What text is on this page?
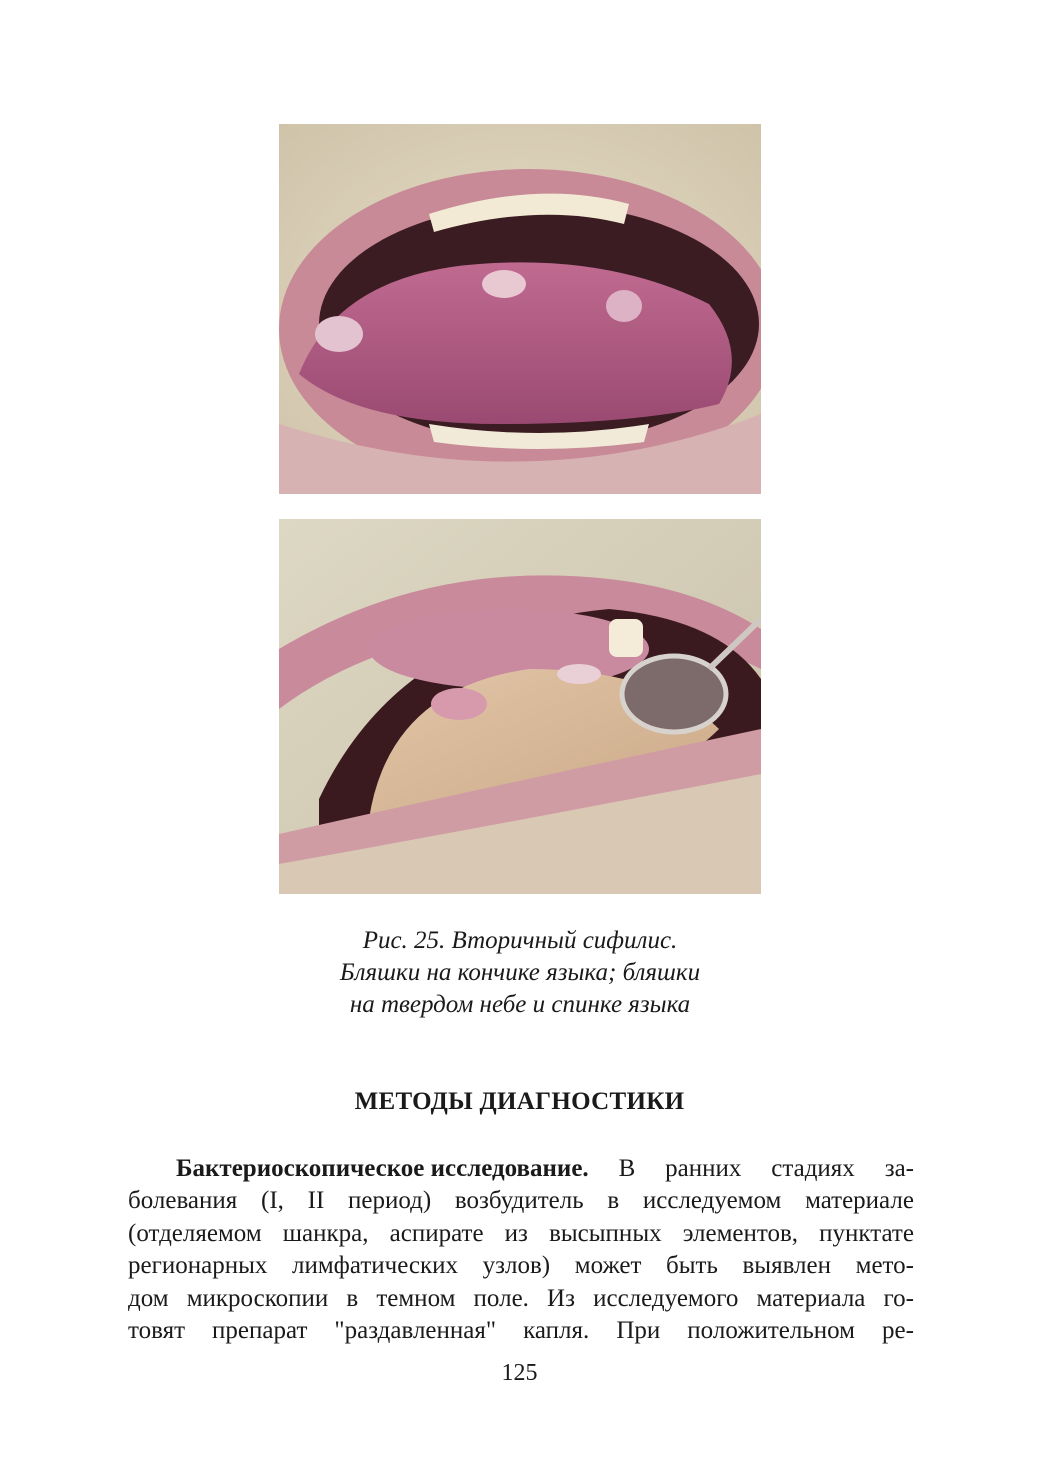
Рис. 25. Вторичный сифилис.
Бляшки на кончике языка; бляшки
на твердом небе и спинке языка
МЕТОДЫ ДИАГНОСТИКИ
Бактериоскопическое исследование. В ранних стадиях за-
болевания (I, II период) возбудитель в исследуемом материале
(отделяемом шанкра, аспирате из высыпных элементов, пунктате
регионарных лимфатических узлов) может быть выявлен мето-
дом микроскопии в темном поле. Из исследуемого материала го-
товят препарат "раздавленная" капля. При положительном ре-
125
